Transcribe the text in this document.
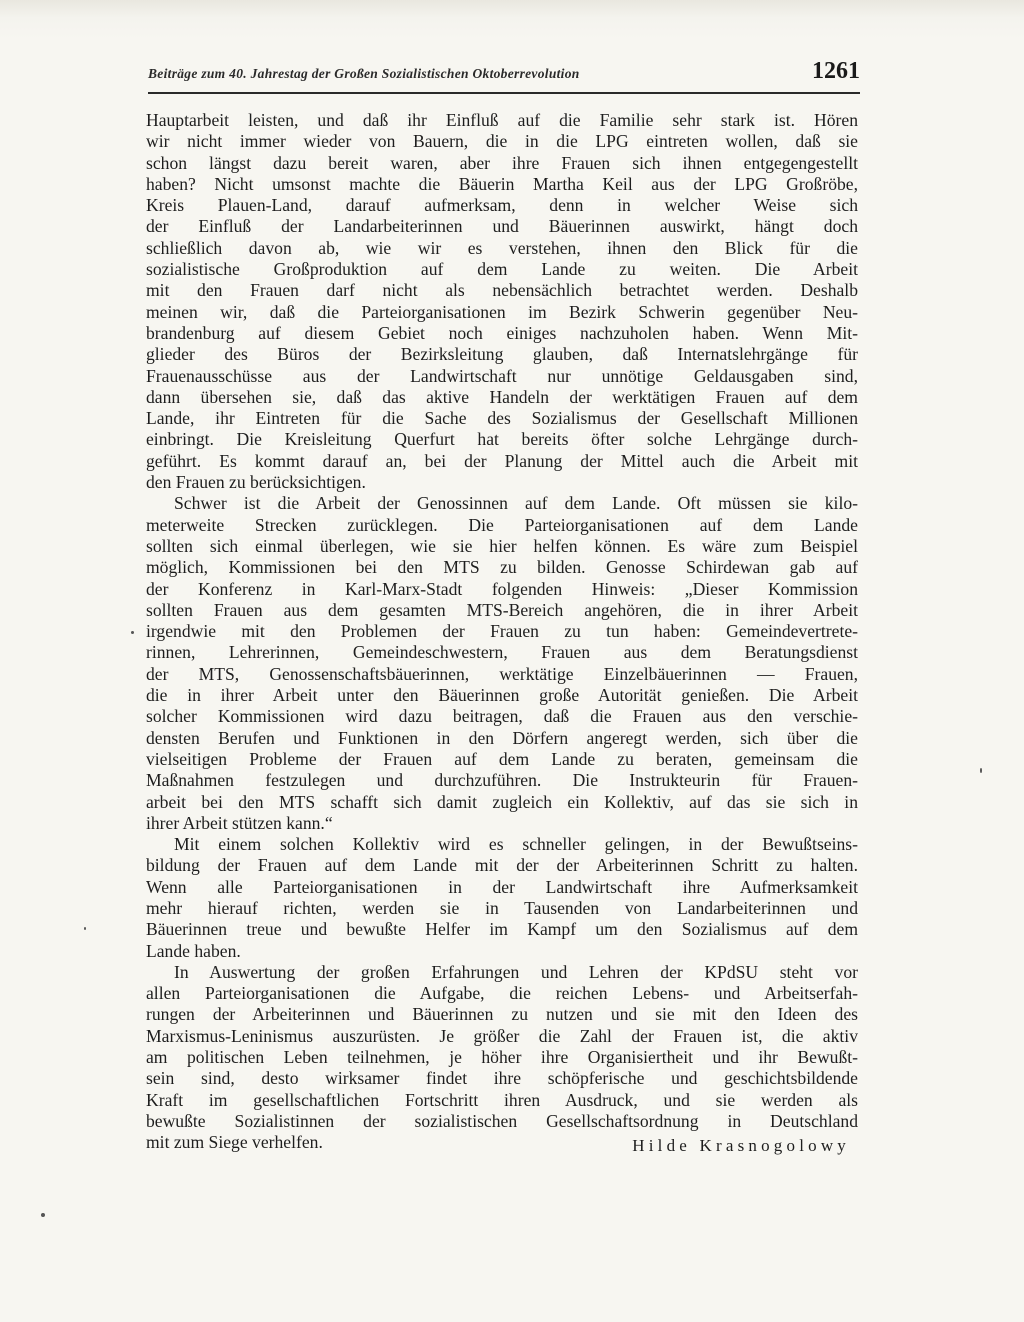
Beiträge zum 40. Jahrestag der Großen Sozialistischen Oktoberrevolution	1261
Hauptarbeit leisten, und daß ihr Einfluß auf die Familie sehr stark ist. Hören
wir nicht immer wieder von Bauern, die in die LPG eintreten wollen, daß sie
schon längst dazu bereit waren, aber ihre Frauen sich ihnen entgegengestellt
haben? Nicht umsonst machte die Bäuerin Martha Keil aus der LPG Großröbe,
Kreis Plauen-Land, darauf aufmerksam, denn in welcher Weise sich
der Einfluß der Landarbeiterinnen und Bäuerinnen auswirkt, hängt doch
schließlich davon ab, wie wir es verstehen, ihnen den Blick für die
sozialistische Großproduktion auf dem Lande zu weiten. Die Arbeit
mit den Frauen darf nicht als nebensächlich betrachtet werden. Deshalb
meinen wir, daß die Parteiorganisationen im Bezirk Schwerin gegenüber Neu-
brandenburg auf diesem Gebiet noch einiges nachzuholen haben. Wenn Mit-
glieder des Büros der Bezirksleitung glauben, daß Internatslehrgänge für
Frauenausschüsse aus der Landwirtschaft nur unnötige Geldausgaben sind,
dann übersehen sie, daß das aktive Handeln der werktätigen Frauen auf dem
Lande, ihr Eintreten für die Sache des Sozialismus der Gesellschaft Millionen
einbringt. Die Kreisleitung Querfurt hat bereits öfter solche Lehrgänge durch-
geführt. Es kommt darauf an, bei der Planung der Mittel auch die Arbeit mit
den Frauen zu berücksichtigen.
Schwer ist die Arbeit der Genossinnen auf dem Lande. Oft müssen sie kilo-
meterweite Strecken zurücklegen. Die Parteiorganisationen auf dem Lande
sollten sich einmal überlegen, wie sie hier helfen können. Es wäre zum Beispiel
möglich, Kommissionen bei den MTS zu bilden. Genosse Schirdewan gab auf
der Konferenz in Karl-Marx-Stadt folgenden Hinweis: „Dieser Kommission
sollten Frauen aus dem gesamten MTS-Bereich angehören, die in ihrer Arbeit
irgendwie mit den Problemen der Frauen zu tun haben: Gemeindevertrete-
rinnen, Lehrerinnen, Gemeindeschwestern, Frauen aus dem Beratungsdienst
der MTS, Genossenschaftsbäuerinnen, werktätige Einzelbäuerinnen — Frauen,
die in ihrer Arbeit unter den Bäuerinnen große Autorität genießen. Die Arbeit
solcher Kommissionen wird dazu beitragen, daß die Frauen aus den verschie-
densten Berufen und Funktionen in den Dörfern angeregt werden, sich über die
vielseitigen Probleme der Frauen auf dem Lande zu beraten, gemeinsam die
Maßnahmen festzulegen und durchzuführen. Die Instrukteurin für Frauen-
arbeit bei den MTS schafft sich damit zugleich ein Kollektiv, auf das sie sich in
ihrer Arbeit stützen kann.“
Mit einem solchen Kollektiv wird es schneller gelingen, in der Bewußtseins-
bildung der Frauen auf dem Lande mit der der Arbeiterinnen Schritt zu halten.
Wenn alle Parteiorganisationen in der Landwirtschaft ihre Aufmerksamkeit
mehr hierauf richten, werden sie in Tausenden von Landarbeiterinnen und
Bäuerinnen treue und bewußte Helfer im Kampf um den Sozialismus auf dem
Lande haben.
In Auswertung der großen Erfahrungen und Lehren der KPdSU steht vor
allen Parteiorganisationen die Aufgabe, die reichen Lebens- und Arbeitserfah-
rungen der Arbeiterinnen und Bäuerinnen zu nutzen und sie mit den Ideen des
Marxismus-Leninismus auszurüsten. Je größer die Zahl der Frauen ist, die aktiv
am politischen Leben teilnehmen, je höher ihre Organisiertheit und ihr Bewußt-
sein sind, desto wirksamer findet ihre schöpferische und geschichtsbildende
Kraft im gesellschaftlichen Fortschritt ihren Ausdruck, und sie werden als
bewußte Sozialistinnen der sozialistischen Gesellschaftsordnung in Deutschland
mit zum Siege verhelfen.	Hilde Krasnogolowy
